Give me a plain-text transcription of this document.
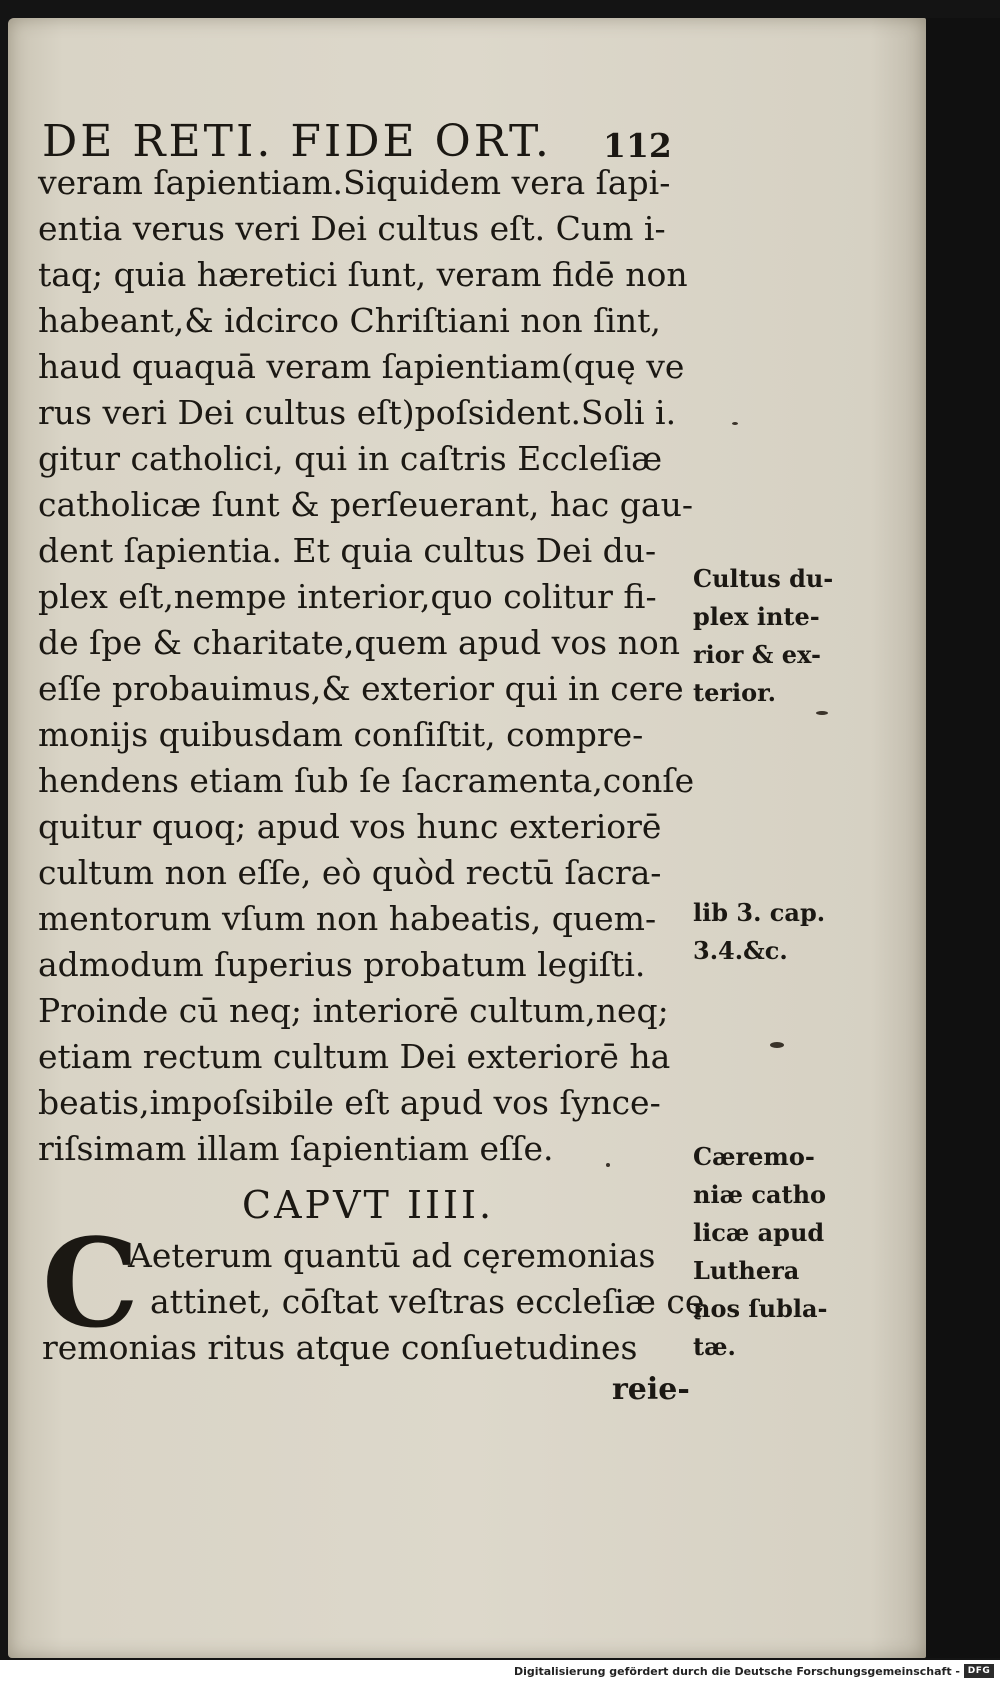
DE RETI. FIDE ORT. 112
veram ſapientiam.Siquidem vera ſapi-
entia verus veri Dei cultus eſt. Cum i-
taq; quia hæretici ſunt, veram fidē non
habeant,& idcirco Chriſtiani non ſint,
haud quaquā veram ſapientiam(quę ve
rus veri Dei cultus eſt)poſsident.Soli i.
gitur catholici, qui in caſtris Eccleſiæ
catholicæ ſunt & perſeuerant, hac gau-
dent ſapientia. Et quia cultus Dei du-
plex eſt,nempe interior,quo colitur fi-
de ſpe & charitate,quem apud vos non
eſſe probauimus,& exterior qui in cere
monijs quibusdam conſiſtit, compre-
hendens etiam ſub ſe ſacramenta,conſe
quitur quoq; apud vos hunc exteriorē
cultum non eſſe, eò quòd rectū ſacra-
mentorum vſum non habeatis, quem-
admodum ſuperius probatum legiſti.
Proinde cū neq; interiorē cultum,neq;
etiam rectum cultum Dei exteriorē ha
beatis,impoſsibile eſt apud vos ſynce-
riſsimam illam ſapientiam eſſe.
CAPVT IIII.
C
Aeterum quantū ad cęremonias
attinet, cōſtat veſtras eccleſiæ cę
remonias ritus atque conſuetudines
reie-
Cultus du-
plex inte-
rior & ex-
terior.
lib 3. cap.
3.4.&c.
Cæremo-
niæ catho
licæ apud
Luthera
nos ſubla-
tæ.
Digitalisierung gefördert durch die Deutsche Forschungsgemeinschaft - DFG
